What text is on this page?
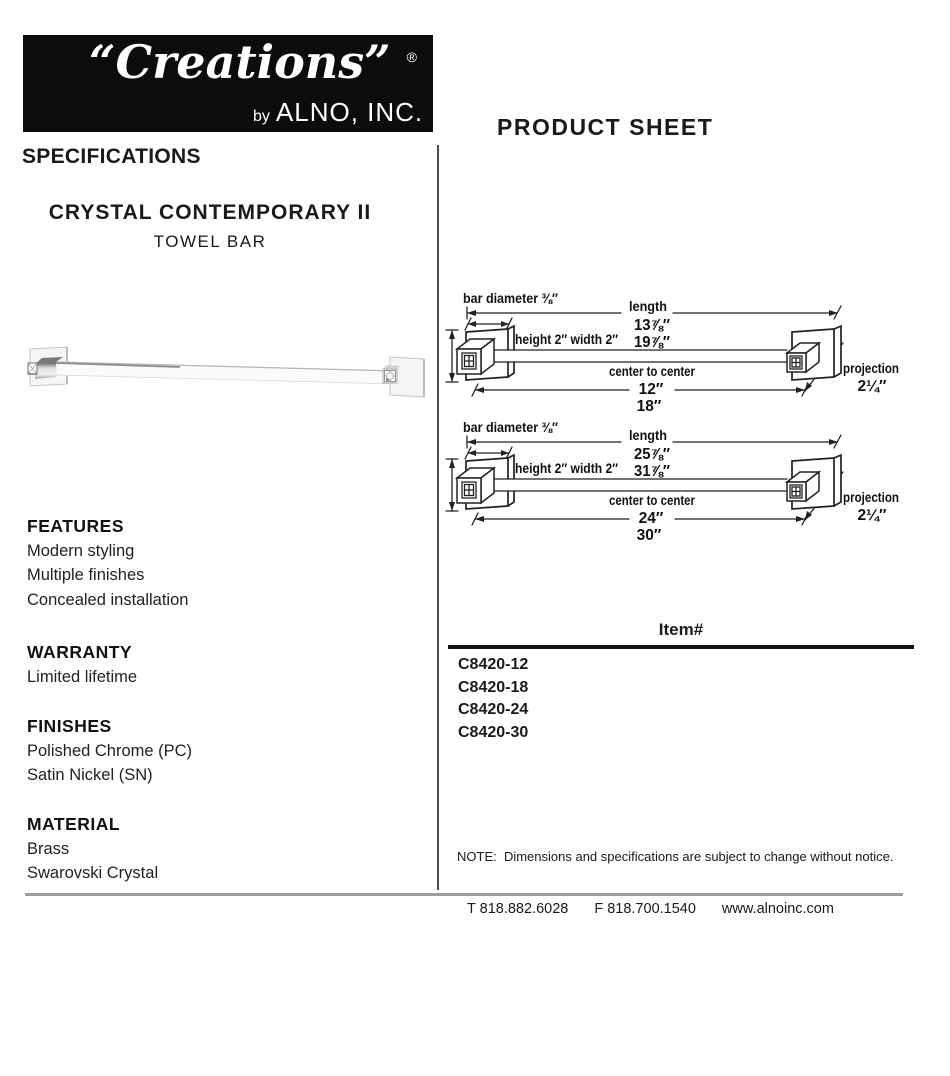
“Creations” ®
by ALNO, INC.
SPECIFICATIONS
PRODUCT SHEET
CRYSTAL CONTEMPORARY II
TOWEL BAR
bar diameter ⅜″
length
13⅞″
19⅞″
height 2″ width 2″
center to center
12″
18″
projection
2¼″
bar diameter ⅜″
length
25⅞″
31⅞″
height 2″ width 2″
center to center
24″
30″
projection
2¼″
FEATURES
Modern styling
Multiple finishes
Concealed installation
WARRANTY
Limited lifetime
FINISHES
Polished Chrome (PC)
Satin Nickel (SN)
MATERIAL
Brass
Swarovski Crystal
Item#
C8420-12
C8420-18
C8420-24
C8420-30
NOTE:  Dimensions and specifications are subject to change without notice.
T 818.882.6028 F 818.700.1540 www.alnoinc.com
